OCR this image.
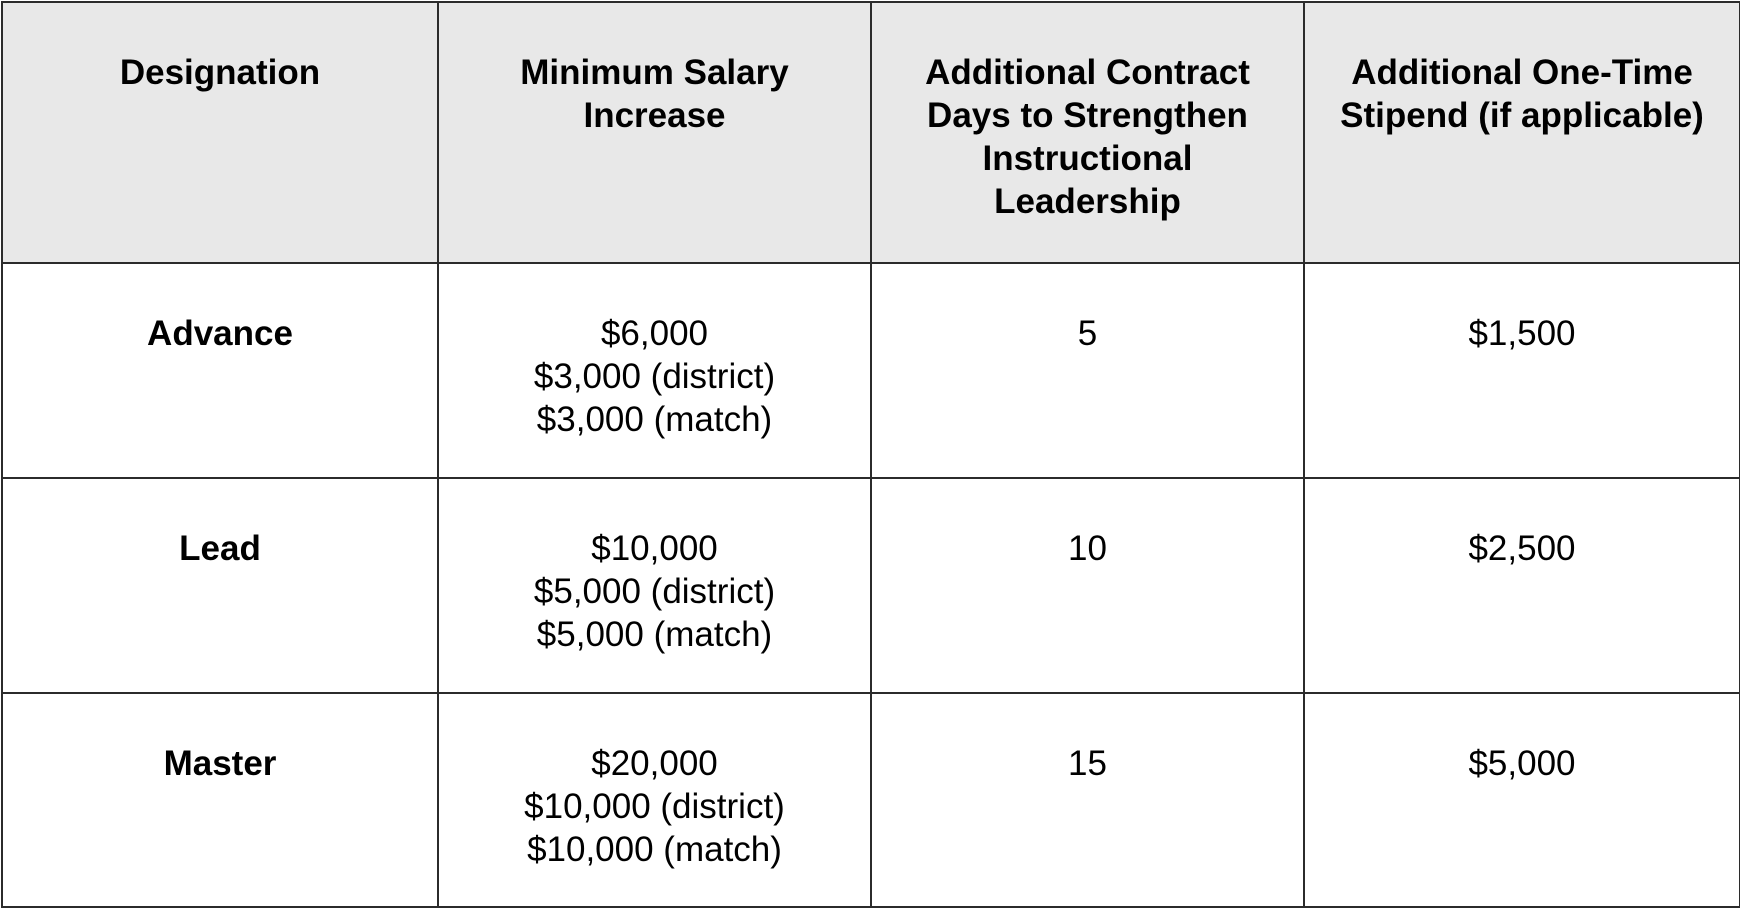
Designation	Minimum Salary Increase	Additional Contract Days to Strengthen Instructional Leadership	Additional One-Time Stipend (if applicable)

Advance	$6,000
$3,000 (district)
$3,000 (match)	5	$1,500

Lead	$10,000
$5,000 (district)
$5,000 (match)	10	$2,500

Master	$20,000
$10,000 (district)
$10,000 (match)	15	$5,000
